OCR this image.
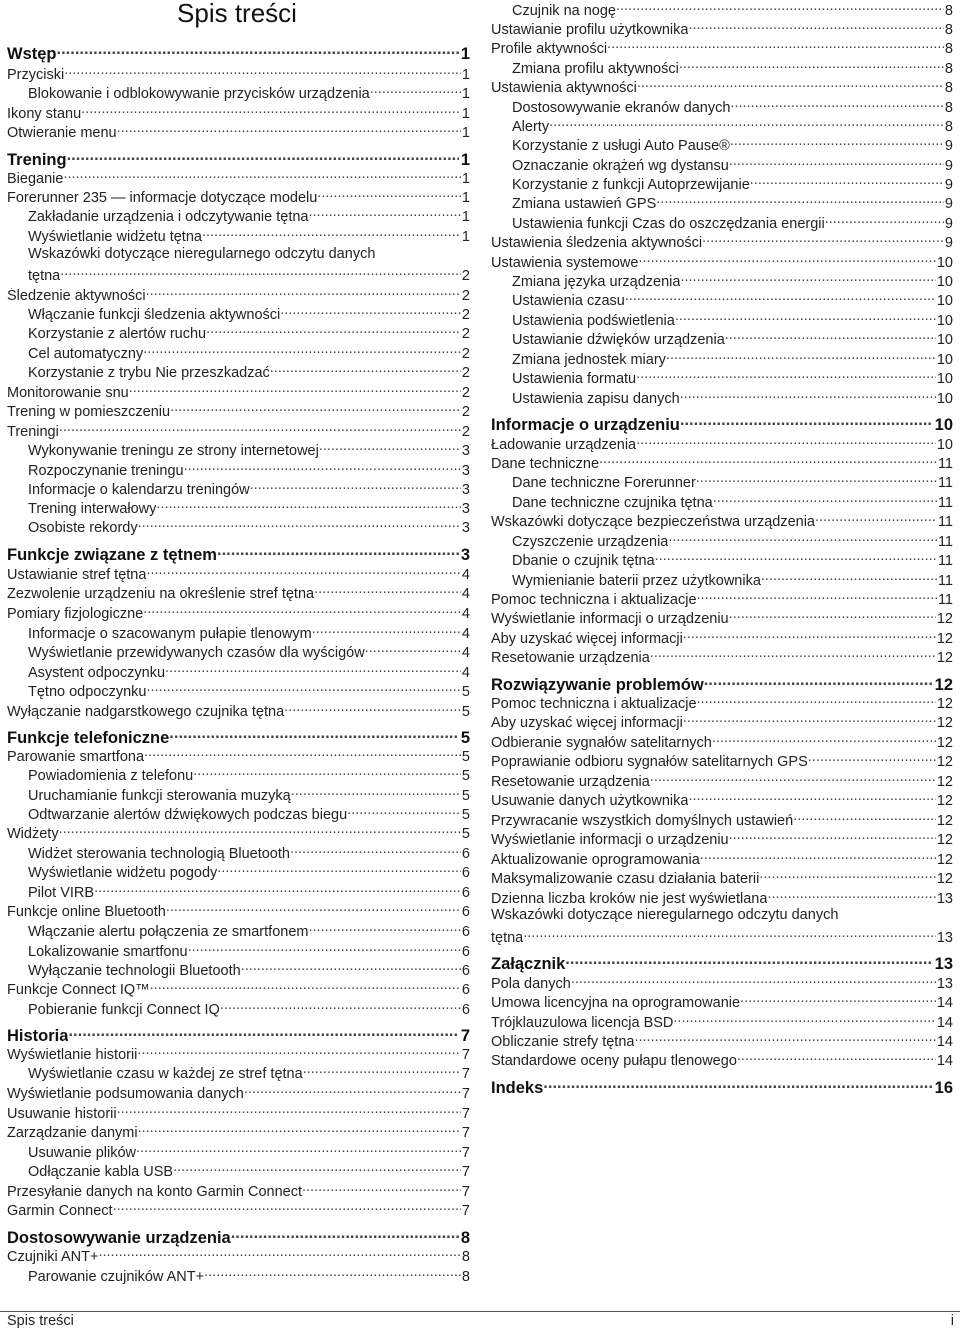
Spis treści
Wstęp .....	1
Przyciski .....	1
Blokowanie i odblokowywanie przycisków urządzenia .....	1
Ikony stanu .....	1
Otwieranie menu .....	1
Trening .....	1
Bieganie .....	1
Forerunner 235 — informacje dotyczące modelu .....	1
Zakładanie urządzenia i odczytywanie tętna .....	1
Wyświetlanie widżetu tętna .....	1
Wskazówki dotyczące nieregularnego odczytu danych
tętna .....	2
Śledzenie aktywności .....	2
Włączanie funkcji śledzenia aktywności .....	2
Korzystanie z alertów ruchu .....	2
Cel automatyczny .....	2
Korzystanie z trybu Nie przeszkadzać .....	2
Monitorowanie snu .....	2
Trening w pomieszczeniu .....	2
Treningi .....	2
Wykonywanie treningu ze strony internetowej .....	3
Rozpoczynanie treningu .....	3
Informacje o kalendarzu treningów .....	3
Trening interwałowy .....	3
Osobiste rekordy .....	3
Funkcje związane z tętnem .....	3
Ustawianie stref tętna .....	4
Zezwolenie urządzeniu na określenie stref tętna .....	4
Pomiary fizjologiczne .....	4
Informacje o szacowanym pułapie tlenowym .....	4
Wyświetlanie przewidywanych czasów dla wyścigów .....	4
Asystent odpoczynku .....	4
Tętno odpoczynku .....	5
Wyłączanie nadgarstkowego czujnika tętna .....	5
Funkcje telefoniczne .....	5
Parowanie smartfona .....	5
Powiadomienia z telefonu .....	5
Uruchamianie funkcji sterowania muzyką .....	5
Odtwarzanie alertów dźwiękowych podczas biegu .....	5
Widżety .....	5
Widżet sterowania technologią Bluetooth .....	6
Wyświetlanie widżetu pogody .....	6
Pilot VIRB .....	6
Funkcje online Bluetooth .....	6
Włączanie alertu połączenia ze smartfonem .....	6
Lokalizowanie smartfonu .....	6
Wyłączanie technologii Bluetooth .....	6
Funkcje Connect IQ™ .....	6
Pobieranie funkcji Connect IQ .....	6
Historia .....	7
Wyświetlanie historii .....	7
Wyświetlanie czasu w każdej ze stref tętna .....	7
Wyświetlanie podsumowania danych .....	7
Usuwanie historii .....	7
Zarządzanie danymi .....	7
Usuwanie plików .....	7
Odłączanie kabla USB .....	7
Przesyłanie danych na konto Garmin Connect .....	7
Garmin Connect .....	7
Dostosowywanie urządzenia .....	8
Czujniki ANT+ .....	8
Parowanie czujników ANT+ .....	8
Czujnik na nogę .....	8
Ustawianie profilu użytkownika .....	8
Profile aktywności .....	8
Zmiana profilu aktywności .....	8
Ustawienia aktywności .....	8
Dostosowywanie ekranów danych .....	8
Alerty .....	8
Korzystanie z usługi Auto Pause® .....	9
Oznaczanie okrążeń wg dystansu .....	9
Korzystanie z funkcji Autoprzewijanie .....	9
Zmiana ustawień GPS .....	9
Ustawienia funkcji Czas do oszczędzania energii .....	9
Ustawienia śledzenia aktywności .....	9
Ustawienia systemowe .....	10
Zmiana języka urządzenia .....	10
Ustawienia czasu .....	10
Ustawienia podświetlenia .....	10
Ustawianie dźwięków urządzenia .....	10
Zmiana jednostek miary .....	10
Ustawienia formatu .....	10
Ustawienia zapisu danych .....	10
Informacje o urządzeniu .....	10
Ładowanie urządzenia .....	10
Dane techniczne .....	11
Dane techniczne Forerunner .....	11
Dane techniczne czujnika tętna .....	11
Wskazówki dotyczące bezpieczeństwa urządzenia .....	11
Czyszczenie urządzenia .....	11
Dbanie o czujnik tętna .....	11
Wymienianie baterii przez użytkownika .....	11
Pomoc techniczna i aktualizacje .....	11
Wyświetlanie informacji o urządzeniu .....	12
Aby uzyskać więcej informacji .....	12
Resetowanie urządzenia .....	12
Rozwiązywanie problemów .....	12
Pomoc techniczna i aktualizacje .....	12
Aby uzyskać więcej informacji .....	12
Odbieranie sygnałów satelitarnych .....	12
Poprawianie odbioru sygnałów satelitarnych GPS .....	12
Resetowanie urządzenia .....	12
Usuwanie danych użytkownika .....	12
Przywracanie wszystkich domyślnych ustawień .....	12
Wyświetlanie informacji o urządzeniu .....	12
Aktualizowanie oprogramowania .....	12
Maksymalizowanie czasu działania baterii .....	12
Dzienna liczba kroków nie jest wyświetlana .....	13
Wskazówki dotyczące nieregularnego odczytu danych
tętna .....	13
Załącznik .....	13
Pola danych .....	13
Umowa licencyjna na oprogramowanie .....	14
Trójklauzulowa licencja BSD .....	14
Obliczanie strefy tętna .....	14
Standardowe oceny pułapu tlenowego .....	14
Indeks .....	16
Spis treści	i
